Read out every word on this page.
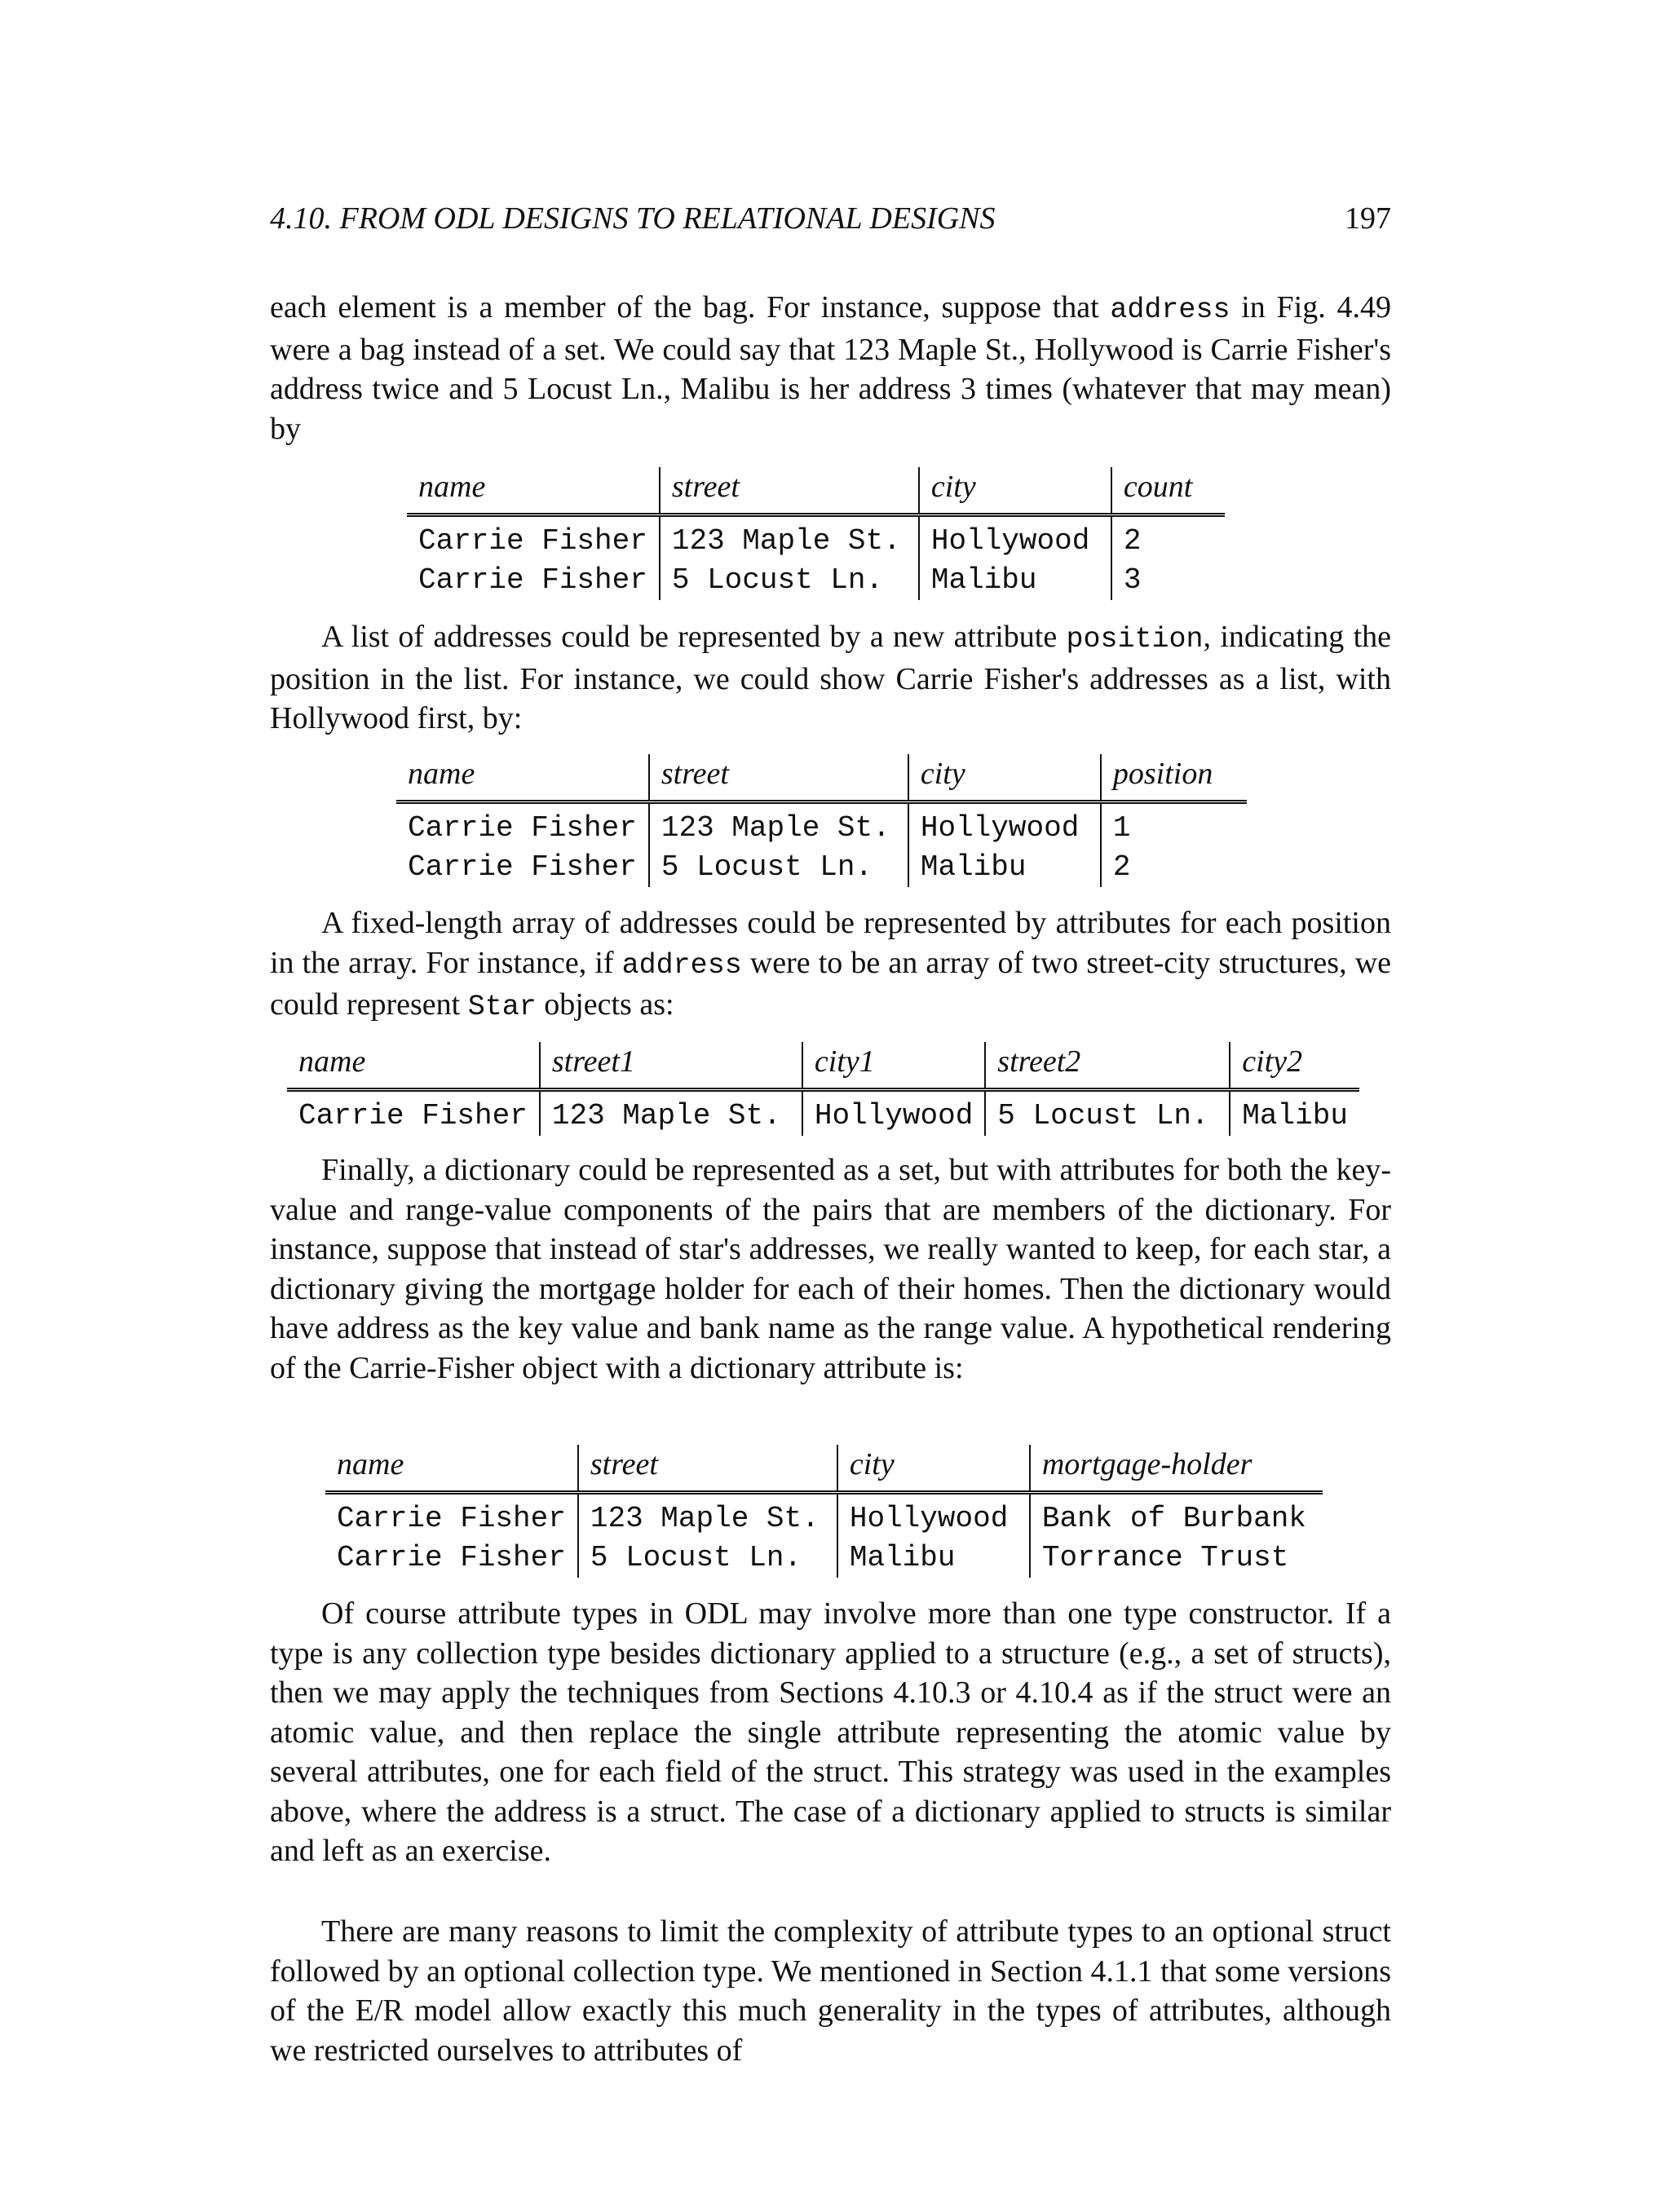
4.10. FROM ODL DESIGNS TO RELATIONAL DESIGNS	197

each element is a member of the bag. For instance, suppose that address in Fig. 4.49 were a bag instead of a set. We could say that 123 Maple St., Hollywood is Carrie Fisher's address twice and 5 Locust Ln., Malibu is her address 3 times (whatever that may mean) by

name	street	city	count
Carrie Fisher	123 Maple St.	Hollywood	2
Carrie Fisher	5 Locust Ln.	Malibu	3

A list of addresses could be represented by a new attribute position, indicating the position in the list. For instance, we could show Carrie Fisher's addresses as a list, with Hollywood first, by:

name	street	city	position
Carrie Fisher	123 Maple St.	Hollywood	1
Carrie Fisher	5 Locust Ln.	Malibu	2

A fixed-length array of addresses could be represented by attributes for each position in the array. For instance, if address were to be an array of two street-city structures, we could represent Star objects as:

name	street1	city1	street2	city2
Carrie Fisher	123 Maple St.	Hollywood	5 Locust Ln.	Malibu

Finally, a dictionary could be represented as a set, but with attributes for both the key-value and range-value components of the pairs that are members of the dictionary. For instance, suppose that instead of star's addresses, we really wanted to keep, for each star, a dictionary giving the mortgage holder for each of their homes. Then the dictionary would have address as the key value and bank name as the range value. A hypothetical rendering of the Carrie-Fisher object with a dictionary attribute is:

name	street	city	mortgage-holder
Carrie Fisher	123 Maple St.	Hollywood	Bank of Burbank
Carrie Fisher	5 Locust Ln.	Malibu	Torrance Trust

Of course attribute types in ODL may involve more than one type constructor. If a type is any collection type besides dictionary applied to a structure (e.g., a set of structs), then we may apply the techniques from Sections 4.10.3 or 4.10.4 as if the struct were an atomic value, and then replace the single attribute representing the atomic value by several attributes, one for each field of the struct. This strategy was used in the examples above, where the address is a struct. The case of a dictionary applied to structs is similar and left as an exercise.

There are many reasons to limit the complexity of attribute types to an optional struct followed by an optional collection type. We mentioned in Section 4.1.1 that some versions of the E/R model allow exactly this much generality in the types of attributes, although we restricted ourselves to attributes of
